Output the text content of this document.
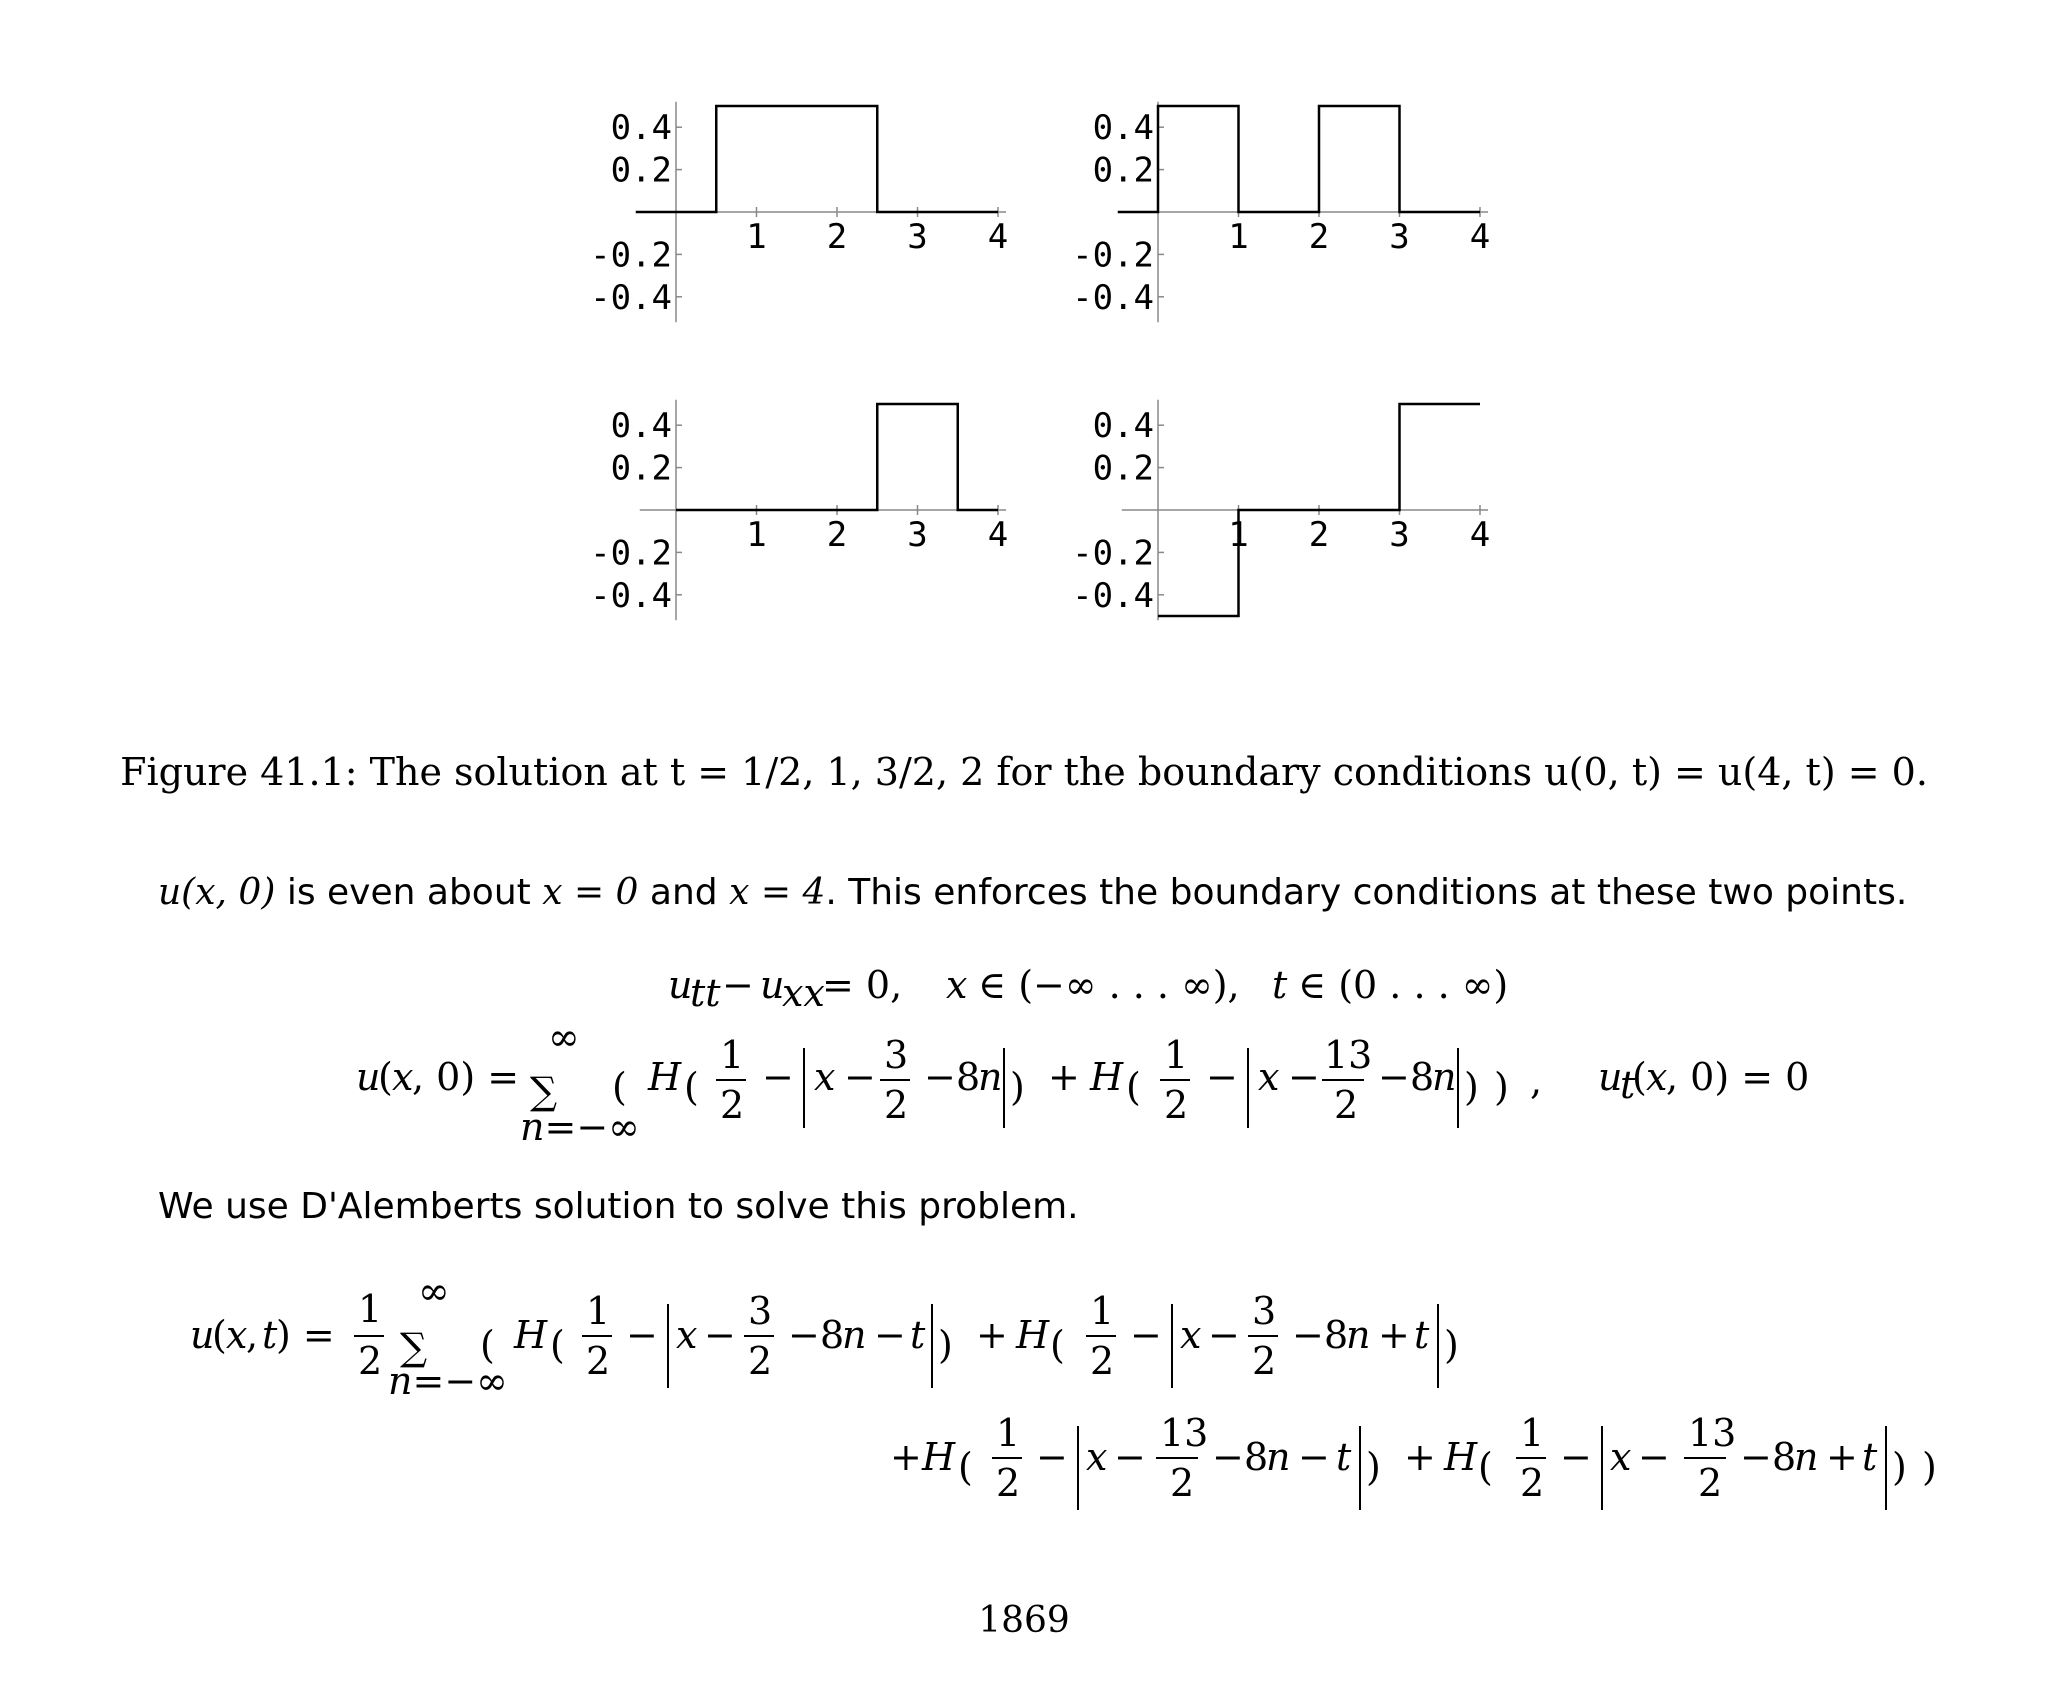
1 2 3 4
0.4
0.2
-0.2
-0.4
1 2 3 4
0.4
0.2
-0.2
-0.4
1 2 3 4
0.4
0.2
-0.2
-0.4
1 2 3 4
0.4
0.2
-0.2
-0.4
Figure 41.1: The solution at t = 1/2, 1, 3/2, 2 for the boundary conditions u(0, t) = u(4, t) = 0.
u(x, 0) is even about x = 0 and x = 4. This enforces the boundary conditions at these two points.
u
tt − u
xx
= 0, x ∈ (−∞ . . . ∞), t ∈ (0 . . . ∞)
u
( x
, 0) =
∞
∑
n=−∞
( H (
1
2
− x − 3
2
− 8
n ) + H (
1
2
− x − 13
2
− 8
n ) ) , u
t
( x
, 0) = 0
u
( x
, t
) =
1
2
∞
∑
n=−∞
( H (
1
2
− x −
3
2
− 8
n − t ) + H (
1
2
− x −
3
2
− 8
n + t )
+ H (
1
2
− x −
13
2
− 8
n − t ) + H (
1
2
− x −
13
2
− 8
n + t ) )
We use D'Alemberts solution to solve this problem.
1869
